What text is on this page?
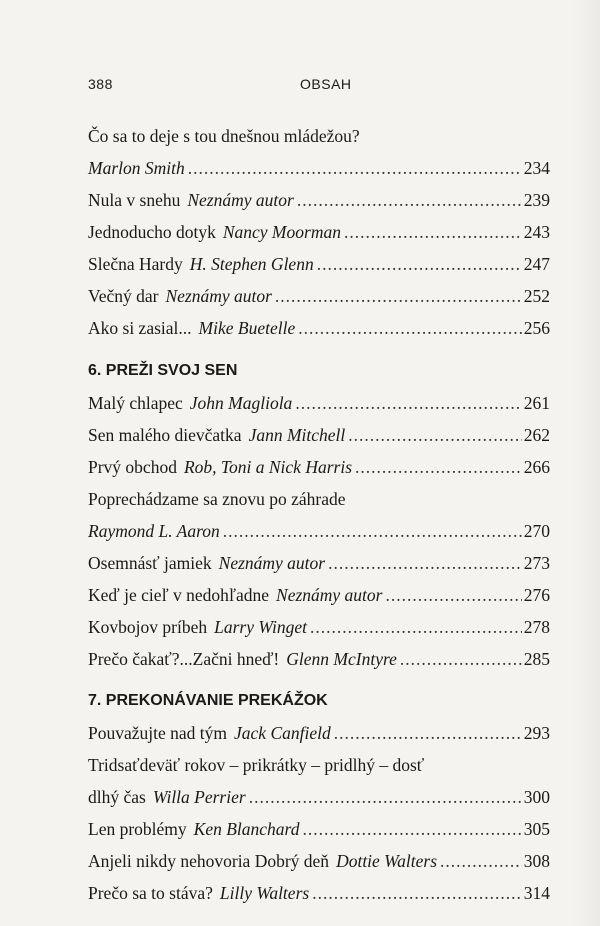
388	OBSAH
Čo sa to deje s tou dnešnou mládežou?
Marlon Smith .....	234
Nula v snehu Neznámy autor .....	239
Jednoducho dotyk Nancy Moorman .....	243
Slečna Hardy H. Stephen Glenn .....	247
Večný dar Neznámy autor .....	252
Ako si zasial... Mike Buetelle .....	256
6. PREŽI SVOJ SEN
Malý chlapec John Magliola .....	261
Sen malého dievčatka Jann Mitchell .....	262
Prvý obchod Rob, Toni a Nick Harris .....	266
Poprechádzame sa znovu po záhrade
Raymond L. Aaron .....	270
Osemnásť jamiek Neznámy autor .....	273
Keď je cieľ v nedohľadne Neznámy autor .....	276
Kovbojov príbeh Larry Winget .....	278
Prečo čakať?...Začni hneď! Glenn McIntyre .....	285
7. PREKONÁVANIE PREKÁŽOK
Pouvažujte nad tým Jack Canfield .....	293
Tridsaťdeväť rokov – prikrátky – pridlhý – dosť
dlhý čas Willa Perrier .....	300
Len problémy Ken Blanchard .....	305
Anjeli nikdy nehovoria Dobrý deň Dottie Walters .....	308
Prečo sa to stáva? Lilly Walters .....	314
